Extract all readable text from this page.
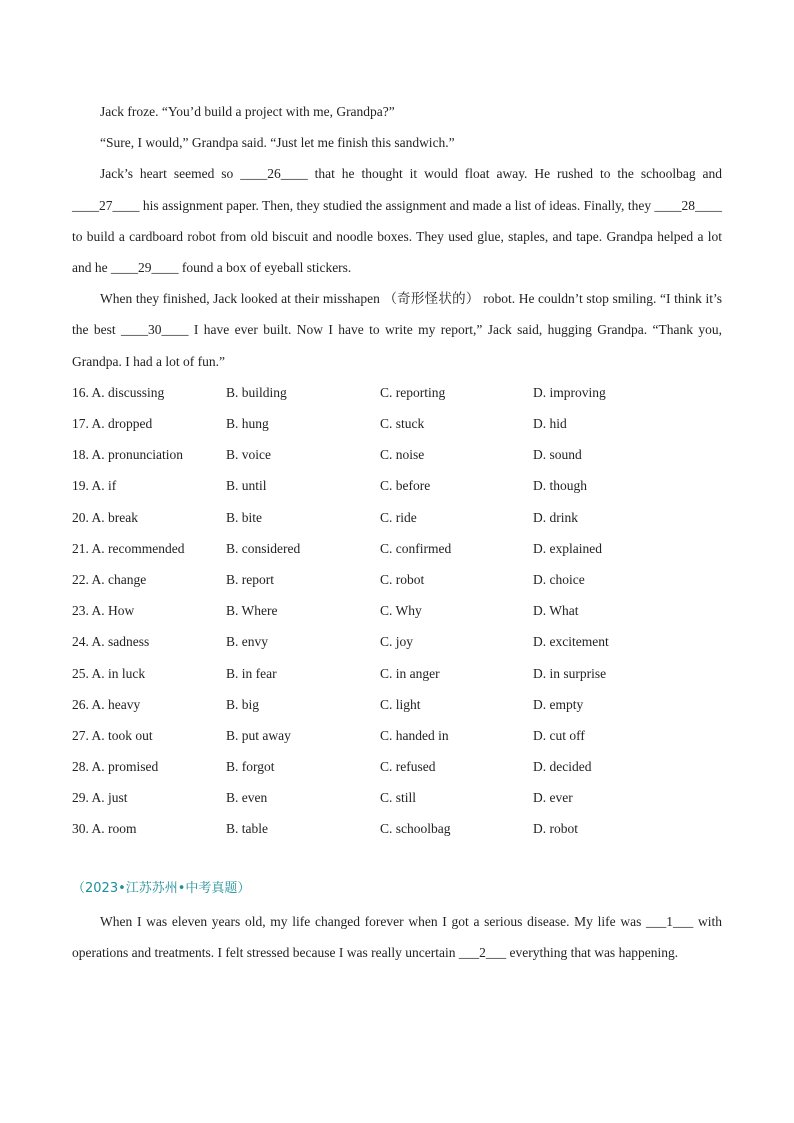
Jack froze. “You’d build a project with me, Grandpa?”

“Sure, I would,” Grandpa said. “Just let me finish this sandwich.”

Jack’s heart seemed so ____26____ that he thought it would float away. He rushed to the schoolbag and ____27____ his assignment paper. Then, they studied the assignment and made a list of ideas. Finally, they ____28____ to build a cardboard robot from old biscuit and noodle boxes. They used glue, staples, and tape. Grandpa helped a lot and he ____29____ found a box of eyeball stickers.

When they finished, Jack looked at their misshapen （奇形怪状的） robot. He couldn’t stop smiling. “I think it’s the best ____30____ I have ever built. Now I have to write my report,” Jack said, hugging Grandpa. “Thank you, Grandpa. I had a lot of fun.”

16. A. discussing	B. building	C. reporting	D. improving
17. A. dropped	B. hung	C. stuck	D. hid
18. A. pronunciation	B. voice	C. noise	D. sound
19. A. if	B. until	C. before	D. though
20. A. break	B. bite	C. ride	D. drink
21. A. recommended	B. considered	C. confirmed	D. explained
22. A. change	B. report	C. robot	D. choice
23. A. How	B. Where	C. Why	D. What
24. A. sadness	B. envy	C. joy	D. excitement
25. A. in luck	B. in fear	C. in anger	D. in surprise
26. A. heavy	B. big	C. light	D. empty
27. A. took out	B. put away	C. handed in	D. cut off
28. A. promised	B. forgot	C. refused	D. decided
29. A. just	B. even	C. still	D. ever
30. A. room	B. table	C. schoolbag	D. robot
（2023•江苏苏州•中考真题）

When I was eleven years old, my life changed forever when I got a serious disease. My life was ___1___ with operations and treatments. I felt stressed because I was really uncertain ___2___ everything that was happening.
